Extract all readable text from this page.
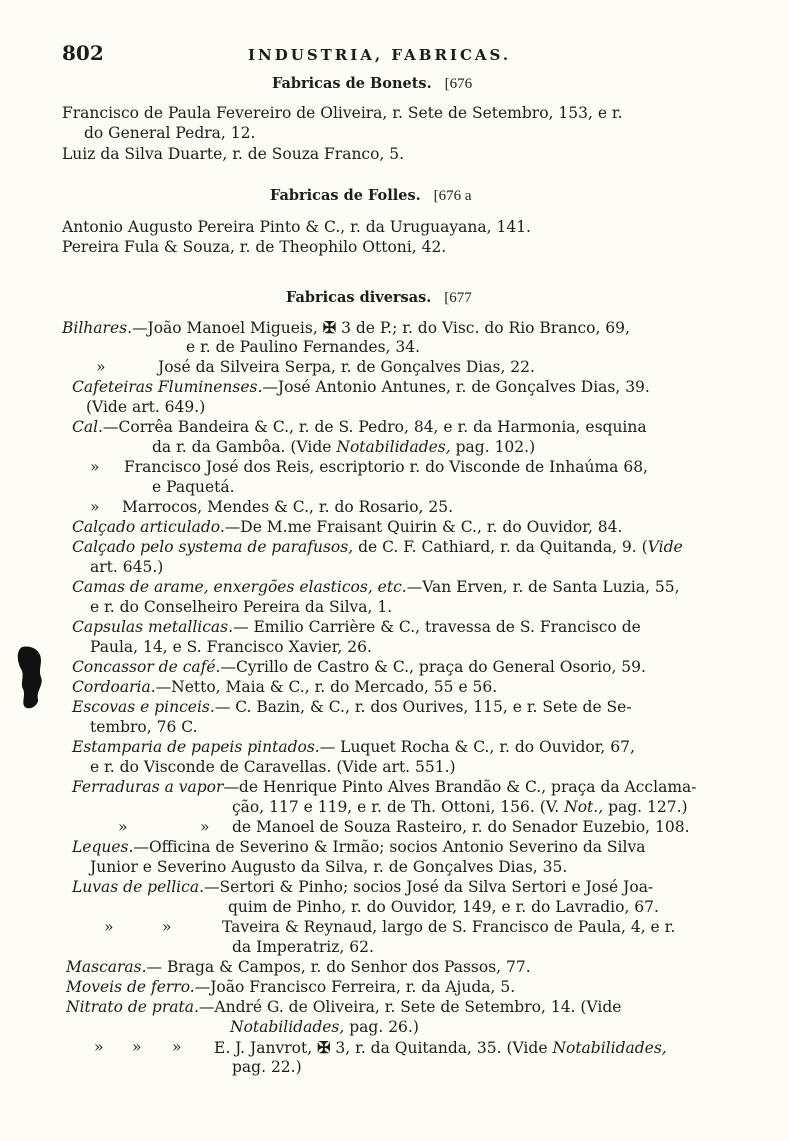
802	INDUSTRIA, FABRICAS.
Fabricas de Bonets. [676
Francisco de Paula Fevereiro de Oliveira, r. Sete de Setembro, 153, e r.
do General Pedra, 12.
Luiz da Silva Duarte, r. de Souza Franco, 5.
Fabricas de Folles. [676 a
Antonio Augusto Pereira Pinto & C., r. da Uruguayana, 141.
Pereira Fula & Souza, r. de Theophilo Ottoni, 42.
Fabricas diversas. [677
Bilhares.—João Manoel Migueis, ✠ 3 de P.; r. do Visc. do Rio Branco, 69,
e r. de Paulino Fernandes, 34.
»	José da Silveira Serpa, r. de Gonçalves Dias, 22.
Cafeteiras Fluminenses.—José Antonio Antunes, r. de Gonçalves Dias, 39.
(Vide art. 649.)
Cal.—Corrêa Bandeira & C., r. de S. Pedro, 84, e r. da Harmonia, esquina
da r. da Gambôa. (Vide Notabilidades, pag. 102.)
» Francisco José dos Reis, escriptorio r. do Visconde de Inhaúma 68,
e Paquetá.
» Marrocos, Mendes & C., r. do Rosario, 25.
Calçado articulado.—De M.me Fraisant Quirin & C., r. do Ouvidor, 84.
Calçado pelo systema de parafusos, de C. F. Cathiard, r. da Quitanda, 9. (Vide
art. 645.)
Camas de arame, enxergões elasticos, etc.—Van Erven, r. de Santa Luzia, 55,
e r. do Conselheiro Pereira da Silva, 1.
Capsulas metallicas.— Emilio Carrière & C., travessa de S. Francisco de
Paula, 14, e S. Francisco Xavier, 26.
Concassor de café.—Cyrillo de Castro & C., praça do General Osorio, 59.
Cordoaria.—Netto, Maia & C., r. do Mercado, 55 e 56.
Escovas e pinceis.— C. Bazin, & C., r. dos Ourives, 115, e r. Sete de Se-
tembro, 76 C.
Estamparia de papeis pintados.— Luquet Rocha & C., r. do Ouvidor, 67,
e r. do Visconde de Caravellas. (Vide art. 551.)
Ferraduras a vapor—de Henrique Pinto Alves Brandão & C., praça da Acclama-
ção, 117 e 119, e r. de Th. Ottoni, 156. (V. Not., pag. 127.)
»	» de Manoel de Souza Rasteiro, r. do Senador Euzebio, 108.
Leques.—Officina de Severino & Irmão; socios Antonio Severino da Silva
Junior e Severino Augusto da Silva, r. de Gonçalves Dias, 35.
Luvas de pellica.—Sertori & Pinho; socios José da Silva Sertori e José Joa-
quim de Pinho, r. do Ouvidor, 149, e r. do Lavradio, 67.
»	»	Taveira & Reynaud, largo de S. Francisco de Paula, 4, e r.
da Imperatriz, 62.
Mascaras.— Braga & Campos, r. do Senhor dos Passos, 77.
Moveis de ferro.—João Francisco Ferreira, r. da Ajuda, 5.
Nitrato de prata.—André G. de Oliveira, r. Sete de Setembro, 14. (Vide
Notabilidades, pag. 26.)
» » » E. J. Janvrot, ✠ 3, r. da Quitanda, 35. (Vide Notabilidades,
pag. 22.)
